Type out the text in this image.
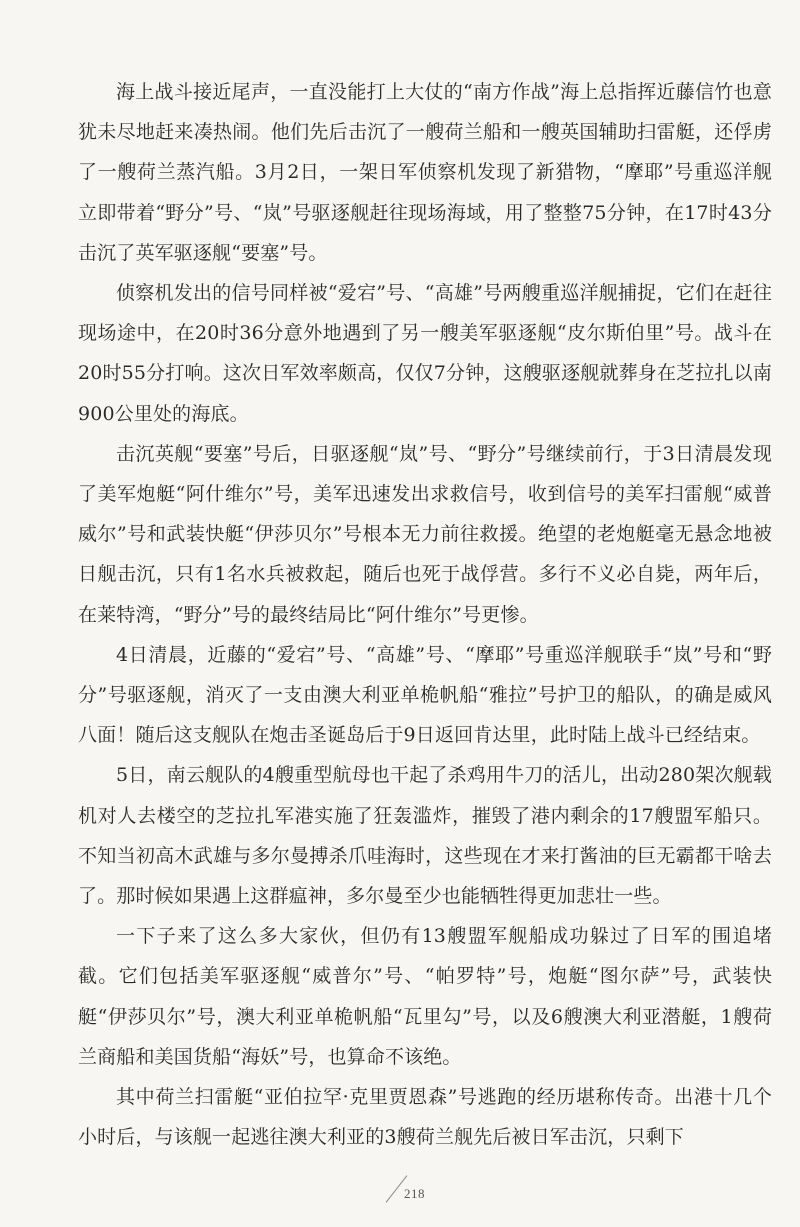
海上战斗接近尾声，一直没能打上大仗的“南方作战”海上总指挥近藤信竹也意犹未尽地赶来凑热闹。他们先后击沉了一艘荷兰船和一艘英国辅助扫雷艇，还俘虏了一艘荷兰蒸汽船。3月2日，一架日军侦察机发现了新猎物，“摩耶”号重巡洋舰立即带着“野分”号、“岚”号驱逐舰赶往现场海域，用了整整75分钟，在17时43分击沉了英军驱逐舰“要塞”号。

侦察机发出的信号同样被“爱宕”号、“高雄”号两艘重巡洋舰捕捉，它们在赶往现场途中，在20时36分意外地遇到了另一艘美军驱逐舰“皮尔斯伯里”号。战斗在20时55分打响。这次日军效率颇高，仅仅7分钟，这艘驱逐舰就葬身在芝拉扎以南900公里处的海底。

击沉英舰“要塞”号后，日驱逐舰“岚”号、“野分”号继续前行，于3日清晨发现了美军炮艇“阿什维尔”号，美军迅速发出求救信号，收到信号的美军扫雷舰“威普威尔”号和武装快艇“伊莎贝尔”号根本无力前往救援。绝望的老炮艇毫无悬念地被日舰击沉，只有1名水兵被救起，随后也死于战俘营。多行不义必自毙，两年后，在莱特湾，“野分”号的最终结局比“阿什维尔”号更惨。

4日清晨，近藤的“爱宕”号、“高雄”号、“摩耶”号重巡洋舰联手“岚”号和“野分”号驱逐舰，消灭了一支由澳大利亚单桅帆船“雅拉”号护卫的船队，的确是威风八面！随后这支舰队在炮击圣诞岛后于9日返回肯达里，此时陆上战斗已经结束。

5日，南云舰队的4艘重型航母也干起了杀鸡用牛刀的活儿，出动280架次舰载机对人去楼空的芝拉扎军港实施了狂轰滥炸，摧毁了港内剩余的17艘盟军船只。不知当初高木武雄与多尔曼搏杀爪哇海时，这些现在才来打酱油的巨无霸都干啥去了。那时候如果遇上这群瘟神，多尔曼至少也能牺牲得更加悲壮一些。

一下子来了这么多大家伙，但仍有13艘盟军舰船成功躲过了日军的围追堵截。它们包括美军驱逐舰“威普尔”号、“帕罗特”号，炮艇“图尔萨”号，武装快艇“伊莎贝尔”号，澳大利亚单桅帆船“瓦里勾”号，以及6艘澳大利亚潜艇，1艘荷兰商船和美国货船“海妖”号，也算命不该绝。

其中荷兰扫雷艇“亚伯拉罕·克里贾恩森”号逃跑的经历堪称传奇。出港十几个小时后，与该舰一起逃往澳大利亚的3艘荷兰舰先后被日军击沉，只剩下

218
